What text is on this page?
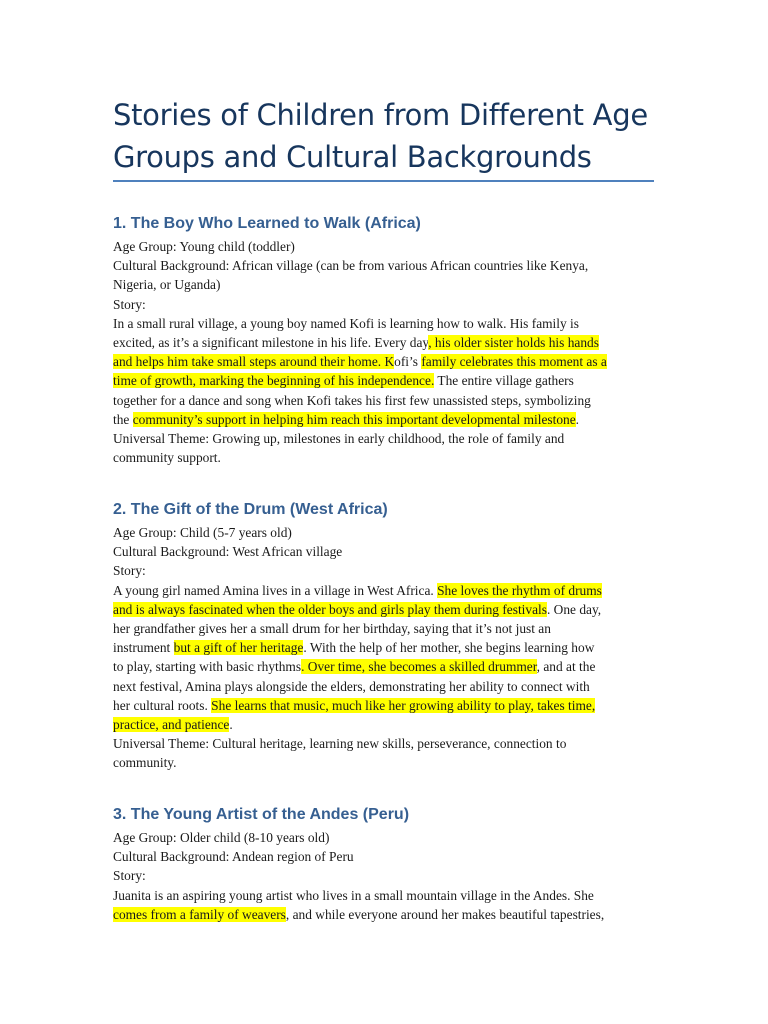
Stories of Children from Different Age
Groups and Cultural Backgrounds
1. The Boy Who Learned to Walk (Africa)
Age Group: Young child (toddler)
Cultural Background: African village (can be from various African countries like Kenya,
Nigeria, or Uganda)
Story:
In a small rural village, a young boy named Kofi is learning how to walk. His family is
excited, as it’s a significant milestone in his life. Every day, his older sister holds his hands
and helps him take small steps around their home. Kofi’s family celebrates this moment as a
time of growth, marking the beginning of his independence. The entire village gathers
together for a dance and song when Kofi takes his first few unassisted steps, symbolizing
the community’s support in helping him reach this important developmental milestone.
Universal Theme: Growing up, milestones in early childhood, the role of family and
community support.
2. The Gift of the Drum (West Africa)
Age Group: Child (5-7 years old)
Cultural Background: West African village
Story:
A young girl named Amina lives in a village in West Africa. She loves the rhythm of drums
and is always fascinated when the older boys and girls play them during festivals. One day,
her grandfather gives her a small drum for her birthday, saying that it’s not just an
instrument but a gift of her heritage. With the help of her mother, she begins learning how
to play, starting with basic rhythms. Over time, she becomes a skilled drummer, and at the
next festival, Amina plays alongside the elders, demonstrating her ability to connect with
her cultural roots. She learns that music, much like her growing ability to play, takes time,
practice, and patience.
Universal Theme: Cultural heritage, learning new skills, perseverance, connection to
community.
3. The Young Artist of the Andes (Peru)
Age Group: Older child (8-10 years old)
Cultural Background: Andean region of Peru
Story:
Juanita is an aspiring young artist who lives in a small mountain village in the Andes. She
comes from a family of weavers, and while everyone around her makes beautiful tapestries,
